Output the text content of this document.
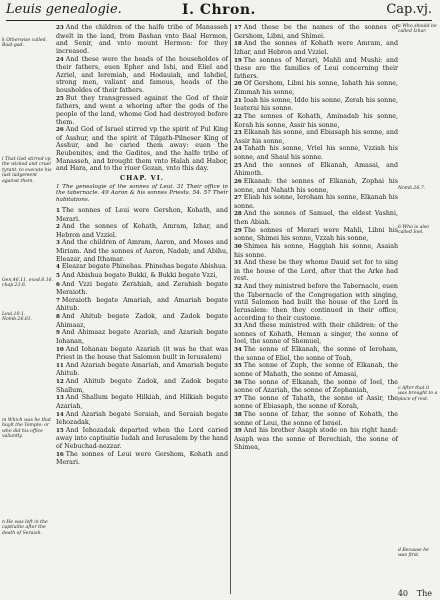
Leuis genealogie.	I. Chron.	Cap.vj.
k Otherwise called, Baal-gad.
l That God stirred vp the wicked and cruel tyrant, to execute his iust iudgement against them.
Gen.46.11. exod.6.16. chap.23.6.
Leui.10.1. Nomb.26.61.
m Which was he that buylt the Temple: or who did his office valiantly.
n He was left in the captiuitie after the death of Seraiah.

23 And the children of the halfe tribe of Manasseh dwelt in the land, from Bashan vnto Baal Hermon, and Senir, and vnto mount Hermon: for they increased.

24 And these were the heads of the householdes of their fathers, euen Epher and Ishi, and Eliel and Azriel, and Ieremiah, and Hodauiah, and Iahdiel, strong men, valiant and famous, heads of the housholdes of their fathers.

25 But they transgressed against the God of their fathers, and went a whoring after the gods of the people of the land, whome God had destroyed before them.

26 And God of Israel stirred vp the spirit of Pul King of Asshur, and the spirit of Tilgath-Pilneser King of Asshur, and he caried them away: euen the Reubenites, and the Gadites, and the halfe tribe of Manasseh, and brought them vnto Halah and Habor, and Hara, and to the riuer Gozan, vnto this day.

CHAP. VI.
1 The genealogie of the sonnes of Leui. 31 Their office in the tabernacle. 49 Aaron & his sonnes Priests. 54. 57 Their habitations.

1 The sonnes of Leui were Gershon, Kohath, and Merari.

2 And the sonnes of Kohath, Amram, Izhar, and Hebron and Vzziel.

3 And the children of Amram, Aaron, and Moses and Miriam. And the sonnes of Aaron, Nadab, and Abihu, Eleazar, and Ithamar.

4 Eleazar begate Phinehas. Phinehas begate Abishua.

5 And Abishua begate Bukki, & Bukki begate Vzzi,

6 And Vzzi begate Zerahiah, and Zerahiah begate Meraioth.

7 Meraioth begate Amariah, and Amariah begate Ahitub.

8 And Ahitub begate Zadok, and Zadok begate Ahimaaz,

9 And Ahimaaz begate Azariah, and Azariah begate Iohanan,

10 And Iohanan begate Azariah (it was he that was Priest in the house that Salomon built in Ierusalem)

11 And Azariah begate Amariah, and Amariah begate Ahitub.

12 And Ahitub begate Zadok, and Zadok begate Shallum,

13 And Shallum begate Hilkiah, and Hilkiah begate Azariah,

14 And Azariah begate Seraiah, and Seraiah begate Iehozadak,

15 And Iehozadak departed when the Lord caried away into captiuitie Iudah and Ierusalem by the hand of Nebuchad-nezzar.

16 The sonnes of Leui were Gershom, Kohath and Merari.

17 And these be the names of the sonnes of Gershom, Libni, and Shimei.

18 And the sonnes of Kohath were Amram, and Izhar, and Hebron and Vzziel.

19 The sonnes of Merari, Mahli and Mushi: and these are the families of Leui concerning their fathers.

20 Of Gershom, Libni his sonne, Iahath his sonne, Zimmah his sonne,

21 Ioah his sonne, Iddo his sonne, Zerah his sonne, Ieaterai his sonne.

22 The sonnes of Kohath, Aminadab his sonne, Korah his sonne, Assir his sonne,

23 Elkanah his sonne, and Ebiasaph his sonne, and Assir his sonne,

24 Tahath his sonne, Vriel his sonne, Vzziah his sonne, and Shaul his sonne.

25 And the sonnes of Elkanah, Amasai, and Ahimoth.

26 Elkanah: the sonnes of Elkanah, Zophai his sonne, and Nahath his sonne,

27 Eliab his sonne, Ieroham his sonne, Elkanah his sonne.

28 And the sonnes of Samuel, the eldest Vashni, then Abiah.

29 The sonnes of Merari were Mahli, Libni his sonne, Shimei his sonne, Vzzah his sonne,

30 Shimea his sonne, Haggiah his sonne, Asaiah his sonne.

31 And these be they whome Dauid set for to sing in the house of the Lord, after that the Arke had rest.

32 And they ministred before the Tabernacle, euen the Tabernacle of the Congregation with singing, vntil Salomon had built the house of the Lord in Ierusalem: then they continued in their office, according to their custome.

33 And these ministred with their children: of the sonnes of Kohath, Heman a singer, the sonne of Ioel, the sonne of Shemuel,

34 The sonne of Elkanah, the sonne of Ieroham, the sonne of Eliel, the sonne of Toah,

35 The sonne of Zuph, the sonne of Elkanah, the sonne of Mahath, the sonne of Amasai,

36 The sonne of Elkanah, the sonne of Ioel, the sonne of Azariah, the sonne of Zephaniah,

37 The sonne of Tahath, the sonne of Assir, the sonne of Ebiasaph, the sonne of Korah,

38 The sonne of Izhar, the sonne of Kohath, the sonne of Leui, the sonne of Israel.

39 And his brother Asaph stode on his right hand: Asaph was the sonne of Berechiah, the sonne of Shimea,

a Who should be called Izhar.
Nomb.26.7.
b Who is also called Ioel.
c After that it was brought to a place of rest.
d Because he was first.
40 The
